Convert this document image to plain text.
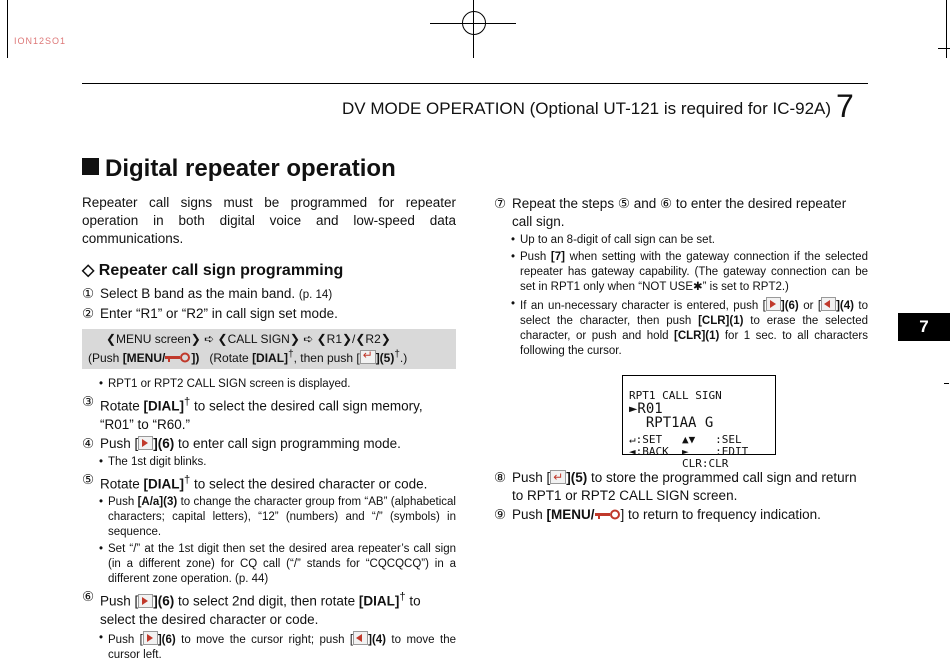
ION12SO1
DV MODE OPERATION (Optional UT-121 is required for IC-92A) 7
7
Digital repeater operation

Repeater call signs must be programmed for repeater operation in both digital voice and low-speed data communications.

◇ Repeater call sign programming
① Select B band as the main band. (p. 14)
② Enter “R1” or “R2” in call sign set mode.
❮MENU screen❯ ➪ ❮CALL SIGN❯ ➪ ❮R1❯/❮R2❯
(Push [MENU/ ]) (Rotate [DIAL]†, then push [ ↵ ](5)†.)
• RPT1 or RPT2 CALL SIGN screen is displayed.
③ Rotate [DIAL]† to select the desired call sign memory, “R01” to “R60.”
④ Push [ ](6) to enter call sign programming mode.
• The 1st digit blinks.
⑤ Rotate [DIAL]† to select the desired character or code.
• Push [A/a](3) to change the character group from “AB” (alphabetical characters; capital letters), “12” (numbers) and “/” (symbols) in sequence.
• Set “/” at the 1st digit then set the desired area repeater’s call sign (in a different zone) for CQ call (“/” stands for “CQCQCQ”) in a different zone operation. (p. 44)
⑥ Push [ ](6) to select 2nd digit, then rotate [DIAL]† to select the desired character or code.
• Push [ ](6) to move the cursor right; push [ ](4) to move the cursor left.
⑦ Repeat the steps ⑤ and ⑥ to enter the desired repeater call sign.
• Up to an 8-digit of call sign can be set.
• Push [7] when setting with the gateway connection if the selected repeater has gateway capability. (The gateway connection can be set in RPT1 only when “NOT USE✱” is set to RPT2.)
• If an un-necessary character is entered, push [ ](6) or [ ](4) to select the character, then push [CLR](1) to erase the selected character, or push and hold [CLR](1) for 1 sec. to all characters following the cursor.

RPT1 CALL SIGN
►R01
RPT1AA G
↵:SET   ▲▼   :SEL
◄:BACK  ►    :EDIT
CLR:CLR
⑧ Push [ ↵ ](5) to store the programmed call sign and return to RPT1 or RPT2 CALL SIGN screen.
⑨ Push [MENU/ ] to return to frequency indication.
